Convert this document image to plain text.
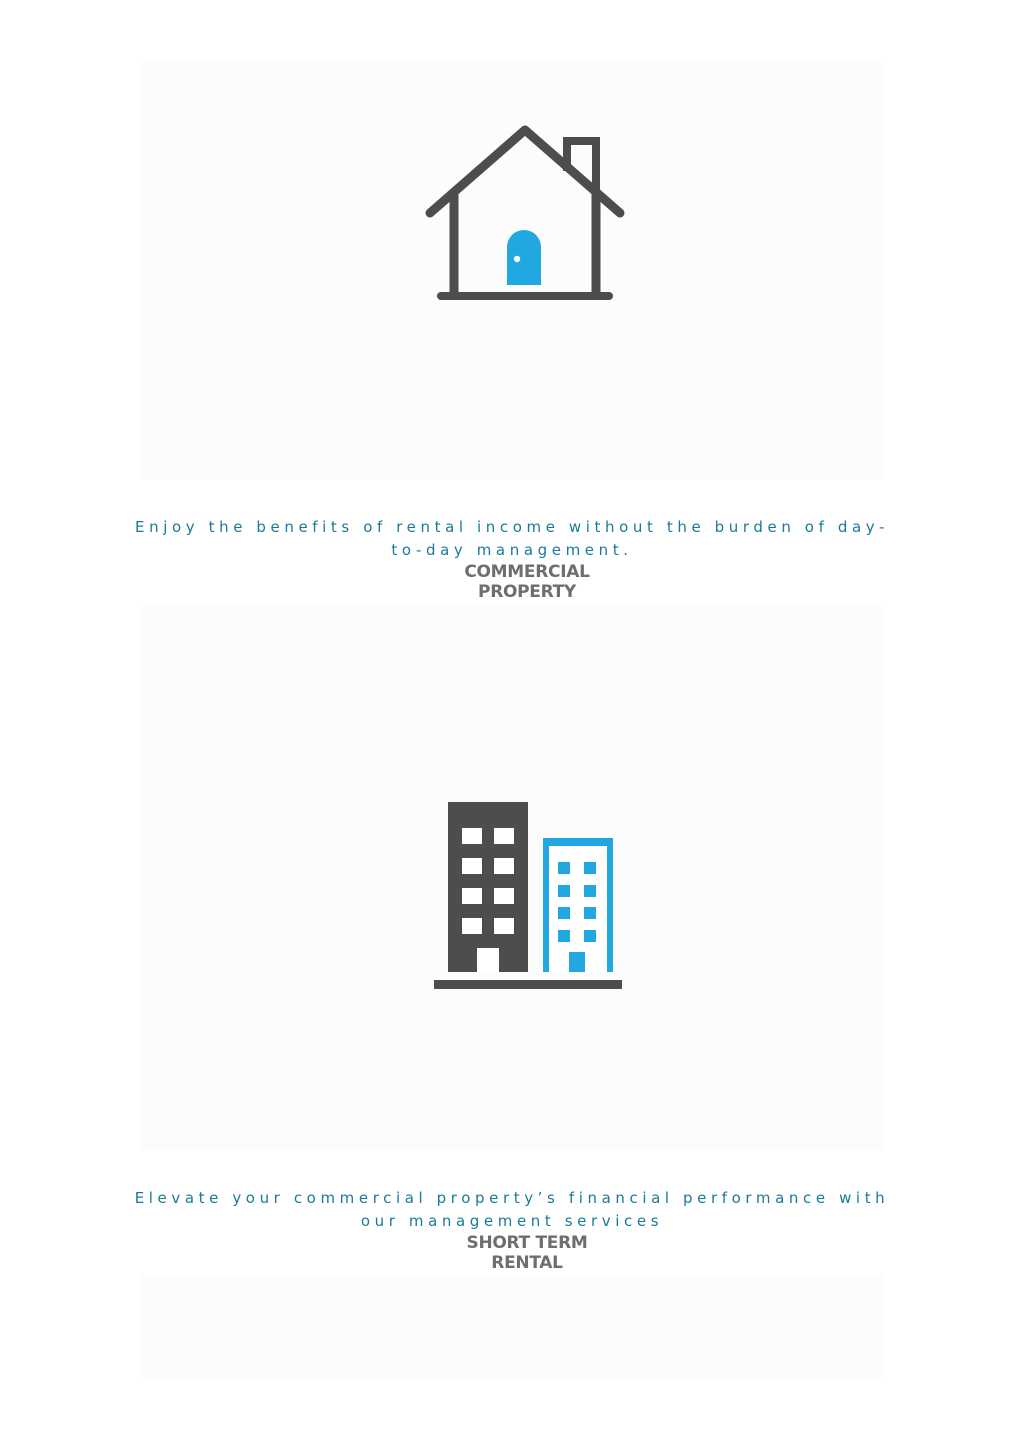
Enjoy the benefits of rental income without the burden of day-to-day management.

COMMERCIAL
PROPERTY

Elevate your commercial property’s financial performance with our management services

SHORT TERM
RENTAL
